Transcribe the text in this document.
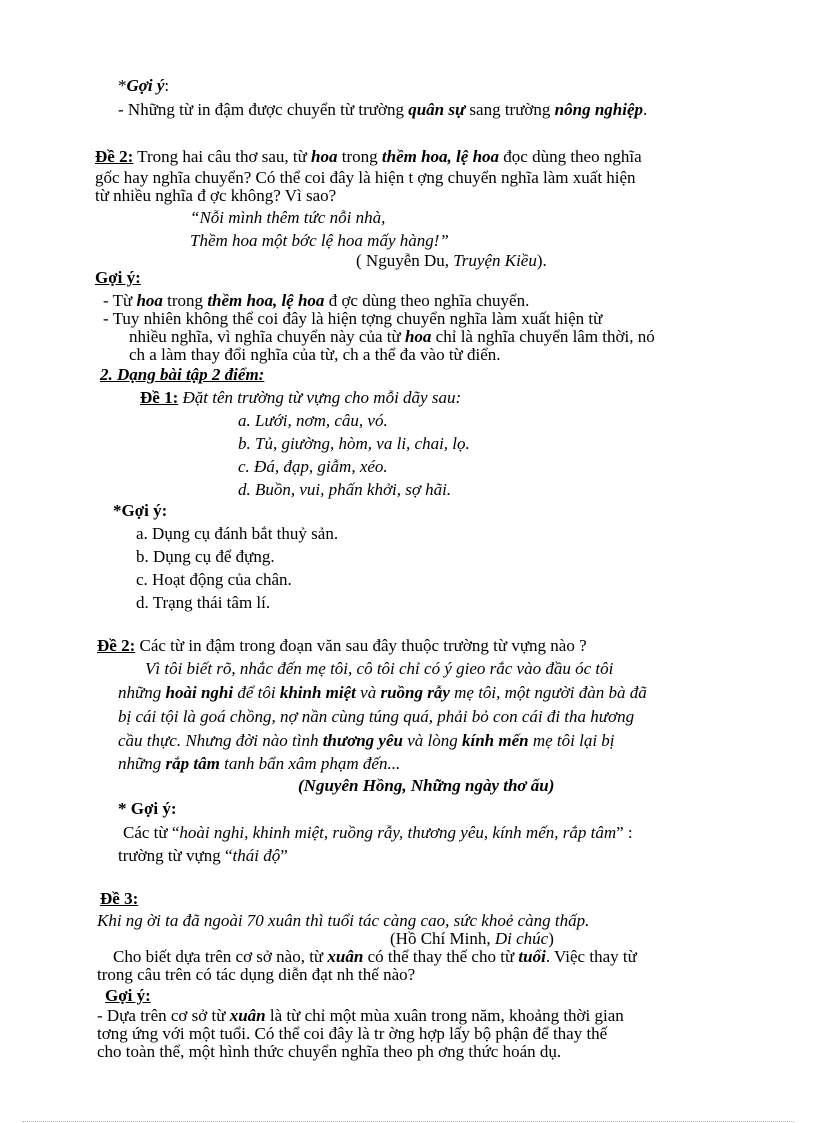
*Gợi ý:
- Những từ in đậm được chuyển từ trường quân sự sang trường nông nghiệp.
Đề 2: Trong hai câu thơ sau, từ hoa trong thềm hoa, lệ hoa đọc dùng theo nghĩa
gốc hay nghĩa chuyển? Có thể coi đây là hiện t ợng chuyển nghĩa làm xuất hiện
từ nhiều nghĩa đ ợc không? Vì sao?
“Nỗi mình thêm tức nỗi nhà,
Thềm hoa một bớc lệ hoa mấy hàng!”
( Nguyễn Du, Truyện Kiều).
Gợi ý:
- Từ hoa trong thềm hoa, lệ hoa đ ợc dùng theo nghĩa chuyển.
- Tuy nhiên không thể coi đây là hiện tợng chuyển nghĩa làm xuất hiện từ
nhiều nghĩa, vì nghĩa chuyển này của từ hoa chỉ là nghĩa chuyển lâm thời, nó
ch a làm thay đổi nghĩa của từ, ch a thể đa vào từ điển.
2. Dạng bài tập 2 điểm:
Đề 1: Đặt tên trường từ vựng cho mỗi dãy sau:
a. Lưới, nơm, câu, vó.
b. Tủ, giường, hòm, va li, chai, lọ.
c. Đá, đạp, giẫm, xéo.
d. Buồn, vui, phấn khởi, sợ hãi.
*Gợi ý:
a. Dụng cụ đánh bắt thuỷ sản.
b. Dụng cụ để đựng.
c. Hoạt động của chân.
d. Trạng thái tâm lí.
Đề 2: Các từ in đậm trong đoạn văn sau đây thuộc trường từ vựng nào ?
Vì tôi biết rõ, nhắc đến mẹ tôi, cô tôi chỉ có ý gieo rắc vào đầu óc tôi
những hoài nghi để tôi khinh miệt và ruồng rẫy mẹ tôi, một người đàn bà đã
bị cái tội là goá chồng, nợ nần cùng túng quá, phải bỏ con cái đi tha hương
cầu thực. Nhưng đời nào tình thương yêu và lòng kính mến mẹ tôi lại bị
những rắp tâm tanh bẩn xâm phạm đến...
(Nguyên Hồng, Những ngày thơ ấu)
* Gợi ý:
Các từ “hoài nghi, khinh miệt, ruồng rẫy, thương yêu, kính mến, rắp tâm” :
trường từ vựng “thái độ”
Đề 3:
Khi ng ời ta đã ngoài 70 xuân thì tuổi tác càng cao, sức khoẻ càng thấp.
(Hồ Chí Minh, Di chúc)
Cho biết dựa trên cơ sở nào, từ xuân có thể thay thế cho từ tuổi. Việc thay từ
trong câu trên có tác dụng diễn đạt nh thế nào?
Gợi ý:
- Dựa trên cơ sở từ xuân là từ chỉ một mùa xuân trong năm, khoảng thời gian
tơng ứng với một tuổi. Có thể coi đây là tr ờng hợp lấy bộ phận để thay thế
cho toàn thể, một hình thức chuyển nghĩa theo ph ơng thức hoán dụ.
